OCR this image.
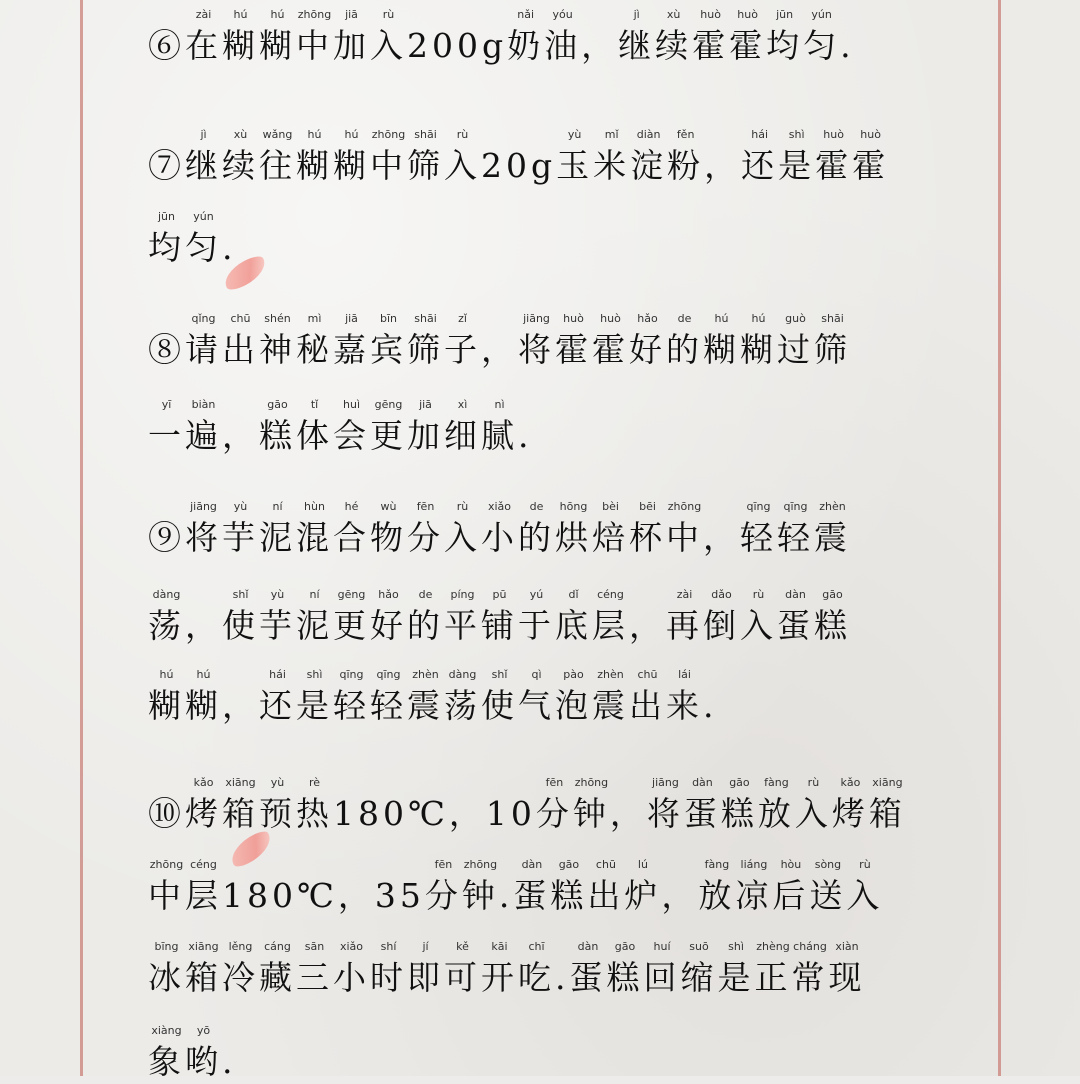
zài hú hú zhōng jiā rù	nǎi yóu	jì xù huò huò jūn yún
⑥在糊糊中加入200g奶油，继续霍霍均匀.
jì xù wǎng hú hú zhōng shāi rù	yù mǐ diàn fěn	hái shì huò huò
⑦继续往糊糊中筛入20g玉米淀粉，还是霍霍
jūn yún
均匀.
qǐng chū shén mì jiā bīn shāi zǐ	jiāng huò huò hǎo de hú hú guò shāi
⑧请出神秘嘉宾筛子，将霍霍好的糊糊过筛
yī biàn	gāo tǐ huì gēng jiā xì nì
一遍，糕体会更加细腻.
jiāng yù ní hùn hé wù fēn rù xiǎo de hōng bèi bēi zhōng	qīng qīng zhèn
⑨将芋泥混合物分入小的烘焙杯中，轻轻震
dàng	shǐ yù ní gēng hǎo de píng pū yú dǐ céng	zài dǎo rù dàn gāo
荡，使芋泥更好的平铺于底层，再倒入蛋糕
hú hú	hái shì qīng qīng zhèn dàng shǐ qì pào zhèn chū lái
糊糊，还是轻轻震荡使气泡震出来.
kǎo xiāng yù rè	fēn zhōng	jiāng dàn gāo fàng rù kǎo xiāng
⑩烤箱预热180℃，10分钟，将蛋糕放入烤箱
zhōng céng	fēn zhōng dàn gāo chū lú	fàng liáng hòu sòng rù
中层180℃，35分钟.蛋糕出炉，放凉后送入
bīng xiāng lěng cáng sān xiǎo shí jí	kě kāi chī	dàn gāo huí suō shì zhèng cháng xiàn
冰箱冷藏三小时即可开吃.蛋糕回缩是正常现
xiàng yō
象哟.
